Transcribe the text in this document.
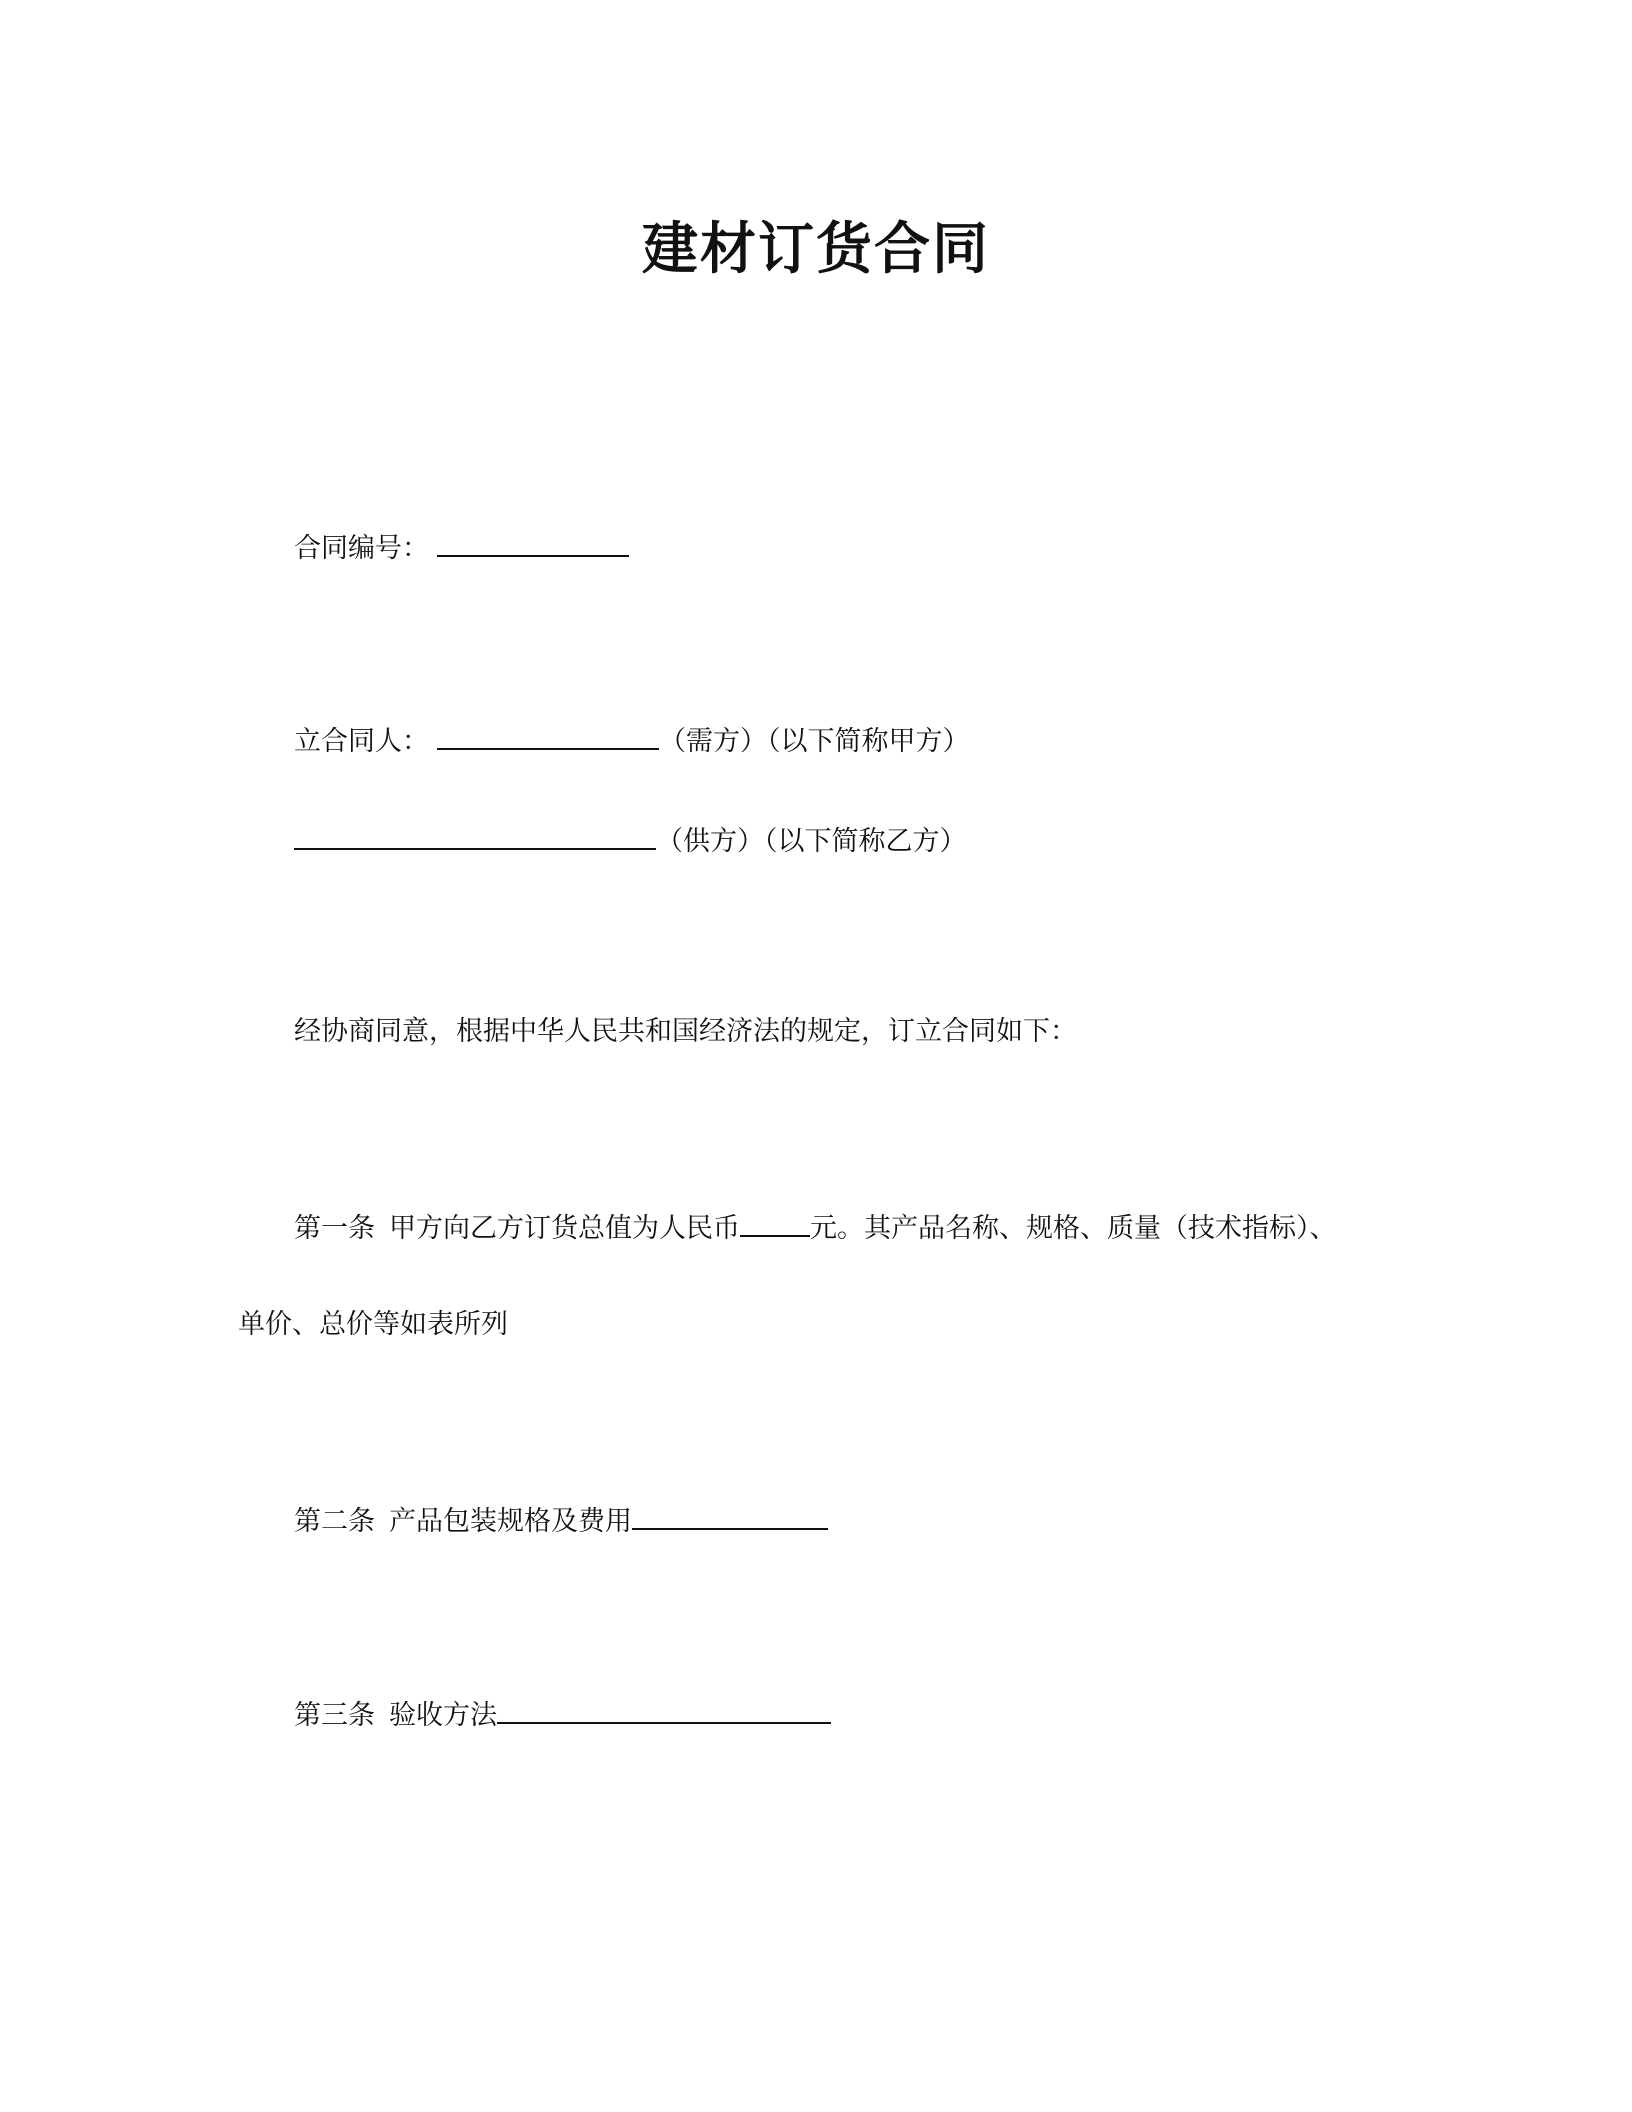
建材订货合同
合同编号：
立合同人：	（需方）（以下简称甲方）
（供方）（以下简称乙方）
经协商同意，根据中华人民共和国经济法的规定，订立合同如下：
第一条 甲方向乙方订货总值为人民币	元。其产品名称、规格、质量（技术指标）、
单价、总价等如表所列
第二条 产品包装规格及费用
第三条 验收方法
